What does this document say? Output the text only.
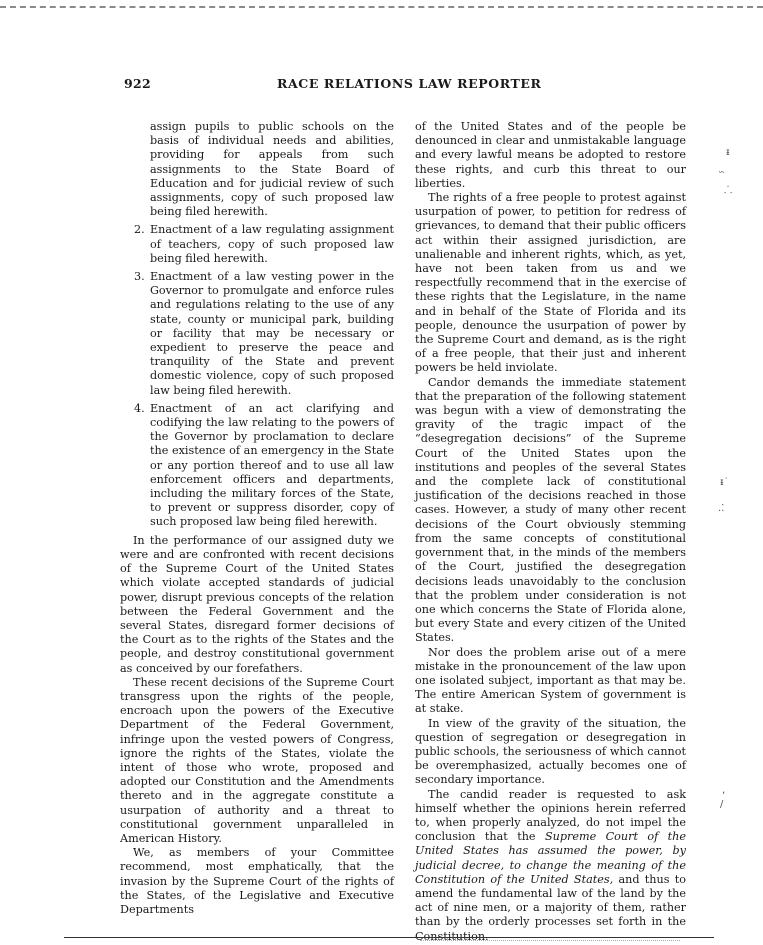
922	RACE RELATIONS LAW REPORTER

assign pupils to public schools on the basis of individual needs and abilities, providing for appeals from such assignments to the State Board of Education and for judicial review of such assignments, copy of such proposed law being filed herewith.

2. Enactment of a law regulating assignment of teachers, copy of such proposed law being filed herewith.
3. Enactment of a law vesting power in the Governor to promulgate and enforce rules and regulations relating to the use of any state, county or municipal park, building or facility that may be necessary or expedient to preserve the peace and tranquility of the State and prevent domestic violence, copy of such proposed law being filed herewith.
4. Enactment of an act clarifying and codifying the law relating to the powers of the Governor by proclamation to declare the existence of an emergency in the State or any portion thereof and to use all law enforcement officers and departments, including the military forces of the State, to prevent or suppress disorder, copy of such proposed law being filed herewith.

In the performance of our assigned duty we were and are confronted with recent decisions of the Supreme Court of the United States which violate accepted standards of judicial power, disrupt previous concepts of the relation between the Federal Government and the several States, disregard former decisions of the Court as to the rights of the States and the people, and destroy constitutional government as conceived by our forefathers.

These recent decisions of the Supreme Court transgress upon the rights of the people, encroach upon the powers of the Executive Department of the Federal Government, infringe upon the vested powers of Congress, ignore the rights of the States, violate the intent of those who wrote, proposed and adopted our Constitution and the Amendments thereto and in the aggregate constitute a usurpation of authority and a threat to constitutional government unparalleled in American History.

We, as members of your Committee recommend, most emphatically, that the invasion by the Supreme Court of the rights of the States, of the Legislative and Executive Departments

of the United States and of the people be denounced in clear and unmistakable language and every lawful means be adopted to restore these rights, and curb this threat to our liberties.

The rights of a free people to protest against usurpation of power, to petition for redress of grievances, to demand that their public officers act within their assigned jurisdiction, are unalienable and inherent rights, which, as yet, have not been taken from us and we respectfully recommend that in the exercise of these rights that the Legislature, in the name and in behalf of the State of Florida and its people, denounce the usurpation of power by the Supreme Court and demand, as is the right of a free people, that their just and inherent powers be held inviolate.

Candor demands the immediate statement that the preparation of the following statement was begun with a view of demonstrating the gravity of the tragic impact of the “desegregation decisions” of the Supreme Court of the United States upon the institutions and peoples of the several States and the complete lack of constitutional justification of the decisions reached in those cases. However, a study of many other recent decisions of the Court obviously stemming from the same concepts of constitutional government that, in the minds of the members of the Court, justified the desegregation decisions leads unavoidably to the conclusion that the problem under consideration is not one which concerns the State of Florida alone, but every State and every citizen of the United States.

Nor does the problem arise out of a mere mistake in the pronouncement of the law upon one isolated subject, important as that may be. The entire American System of government is at stake.

In view of the gravity of the situation, the question of segregation or desegregation in public schools, the seriousness of which cannot be overemphasized, actually becomes one of secondary importance.

The candid reader is requested to ask himself whether the opinions herein referred to, when properly analyzed, do not impel the conclusion that the Supreme Court of the United States has assumed the power, by judicial decree, to change the meaning of the Constitution of the United States, and thus to amend the fundamental law of the land by the act of nine men, or a majority of them, rather than by the orderly processes set forth in the Constitution.

ᵻ
˘ ̀
⸫
ᵻ˙
.⁚
,
/
